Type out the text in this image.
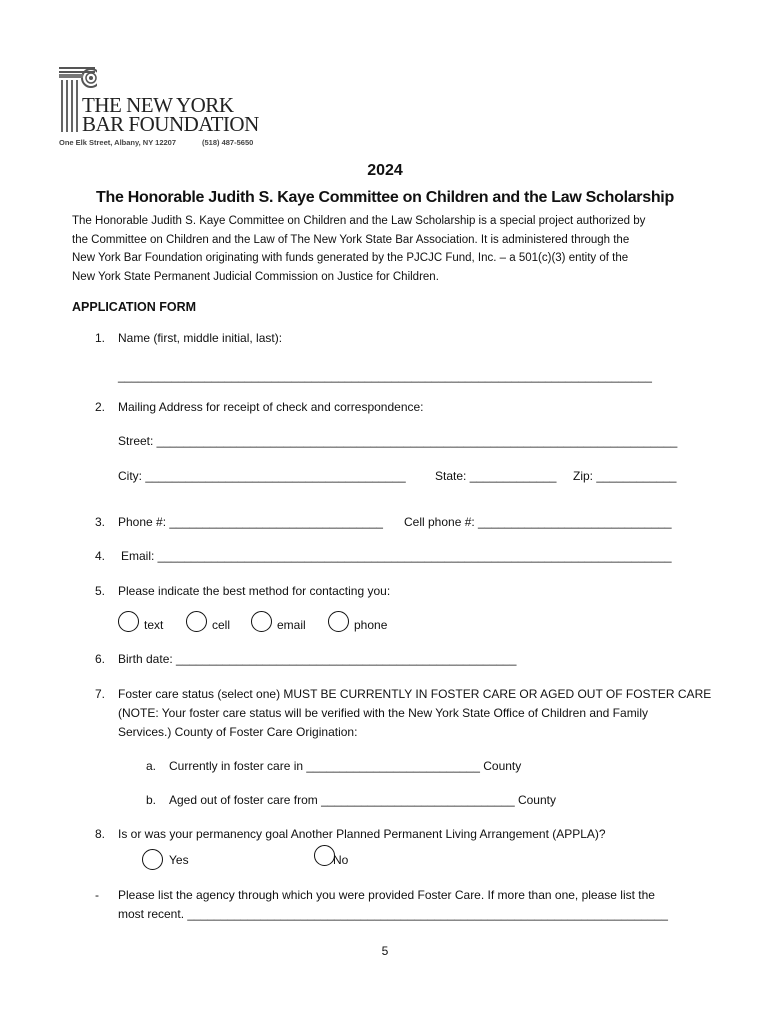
THE NEW YORK
BAR FOUNDATION
One Elk Street, Albany, NY 12207	(518) 487-5650
2024
The Honorable Judith S. Kaye Committee on Children and the Law Scholarship

The Honorable Judith S. Kaye Committee on Children and the Law Scholarship is a special project authorized by

the Committee on Children and the Law of The New York State Bar Association. It is administered through the

New York Bar Foundation originating with funds generated by the PJCJC Fund, Inc. – a 501(c)(3) entity of the

New York State Permanent Judicial Commission on Justice for Children.

APPLICATION FORM
1. Name (first, middle initial, last):
________________________________________________________________________________
2. Mailing Address for receipt of check and correspondence:
Street: ______________________________________________________________________________
City: _______________________________________ State: _____________ Zip: ____________
3. Phone #: ________________________________ Cell phone #: _____________________________
4. Email: _____________________________________________________________________________
5. Please indicate the best method for contacting you:
text	cell	email	phone
6. Birth date: ___________________________________________________
7. Foster care status (select one) MUST BE CURRENTLY IN FOSTER CARE OR AGED OUT OF FOSTER CARE
(NOTE: Your foster care status will be verified with the New York State Office of Children and Family
Services.) County of Foster Care Origination:
a. Currently in foster care in __________________________ County
b. Aged out of foster care from _____________________________ County
8. Is or was your permanency goal Another Planned Permanent Living Arrangement (APPLA)?
Yes	No
- Please list the agency through which you were provided Foster Care. If more than one, please list the
most recent. ________________________________________________________________________
5
